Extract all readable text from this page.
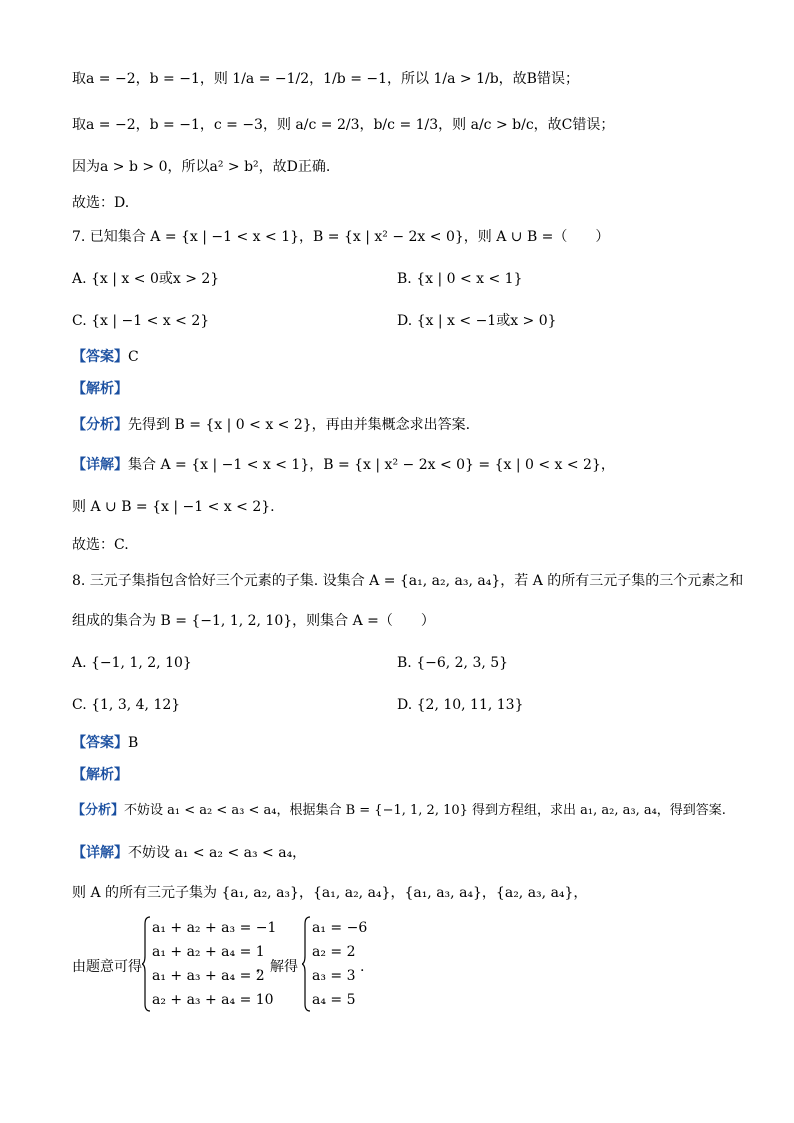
取a = −2，b = −1，则 1/a = −1/2，1/b = −1，所以 1/a > 1/b，故B错误；
取a = −2，b = −1，c = −3，则 a/c = 2/3，b/c = 1/3，则 a/c > b/c，故C错误；
因为a > b > 0，所以a² > b²，故D正确.
故选：D.
7. 已知集合 A = {x | −1 < x < 1}，B = {x | x² − 2x < 0}，则 A ∪ B =（　　）
A. {x | x < 0或x > 2}	B. {x | 0 < x < 1}
C. {x | −1 < x < 2}	D. {x | x < −1或x > 0}
【答案】C
【解析】
【分析】先得到 B = {x | 0 < x < 2}，再由并集概念求出答案.
【详解】集合 A = {x | −1 < x < 1}，B = {x | x² − 2x < 0} = {x | 0 < x < 2}，
则 A ∪ B = {x | −1 < x < 2}.
故选：C.
8. 三元子集指包含恰好三个元素的子集. 设集合 A = {a₁, a₂, a₃, a₄}，若 A 的所有三元子集的三个元素之和
组成的集合为 B = {−1, 1, 2, 10}，则集合 A =（　　）
A. {−1, 1, 2, 10}	B. {−6, 2, 3, 5}
C. {1, 3, 4, 12}	D. {2, 10, 11, 13}
【答案】B
【解析】
【分析】不妨设 a₁ < a₂ < a₃ < a₄，根据集合 B = {−1, 1, 2, 10} 得到方程组，求出 a₁, a₂, a₃, a₄，得到答案.
【详解】不妨设 a₁ < a₂ < a₃ < a₄，
则 A 的所有三元子集为 {a₁, a₂, a₃}，{a₁, a₂, a₄}，{a₁, a₃, a₄}，{a₂, a₃, a₄}，
由题意可得
a₁ + a₂ + a₃ = −1
a₁ + a₂ + a₄ = 1
a₁ + a₃ + a₄ = 2
a₂ + a₃ + a₄ = 10
，解得
a₁ = −6
a₂ = 2
a₃ = 3
a₄ = 5
.
